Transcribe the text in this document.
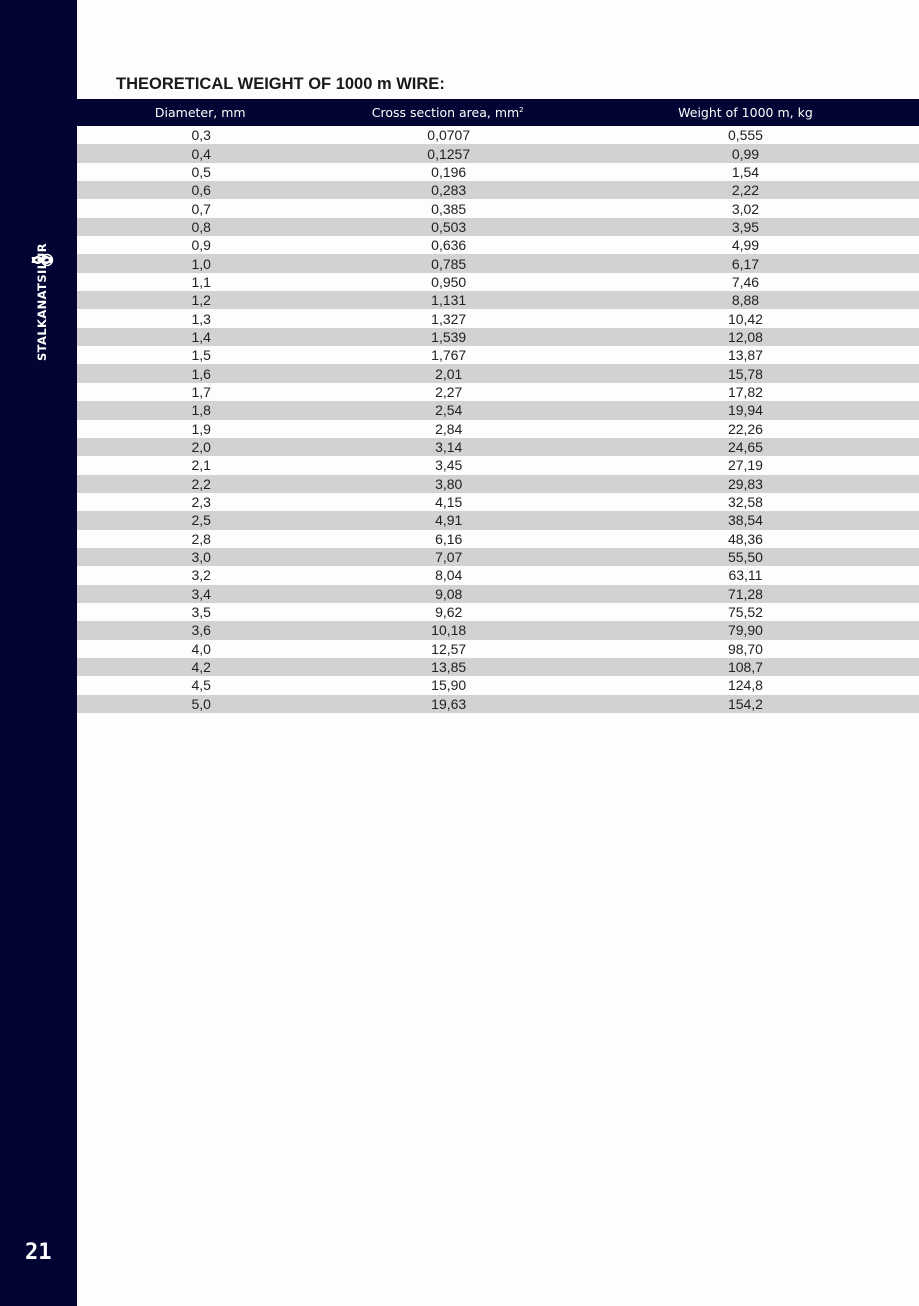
STALKANATSILUR
21
THEORETICAL WEIGHT OF 1000 m WIRE:
Diameter, mm	Cross section area, $mm^2$	Weight of 1000 m, kg
0,3	0,0707	0,555
0,4	0,1257	0,99
0,5	0,196	1,54
0,6	0,283	2,22
0,7	0,385	3,02
0,8	0,503	3,95
0,9	0,636	4,99
1,0	0,785	6,17
1,1	0,950	7,46
1,2	1,131	8,88
1,3	1,327	10,42
1,4	1,539	12,08
1,5	1,767	13,87
1,6	2,01	15,78
1,7	2,27	17,82
1,8	2,54	19,94
1,9	2,84	22,26
2,0	3,14	24,65
2,1	3,45	27,19
2,2	3,80	29,83
2,3	4,15	32,58
2,5	4,91	38,54
2,8	6,16	48,36
3,0	7,07	55,50
3,2	8,04	63,11
3,4	9,08	71,28
3,5	9,62	75,52
3,6	10,18	79,90
4,0	12,57	98,70
4,2	13,85	108,7
4,5	15,90	124,8
5,0	19,63	154,2
